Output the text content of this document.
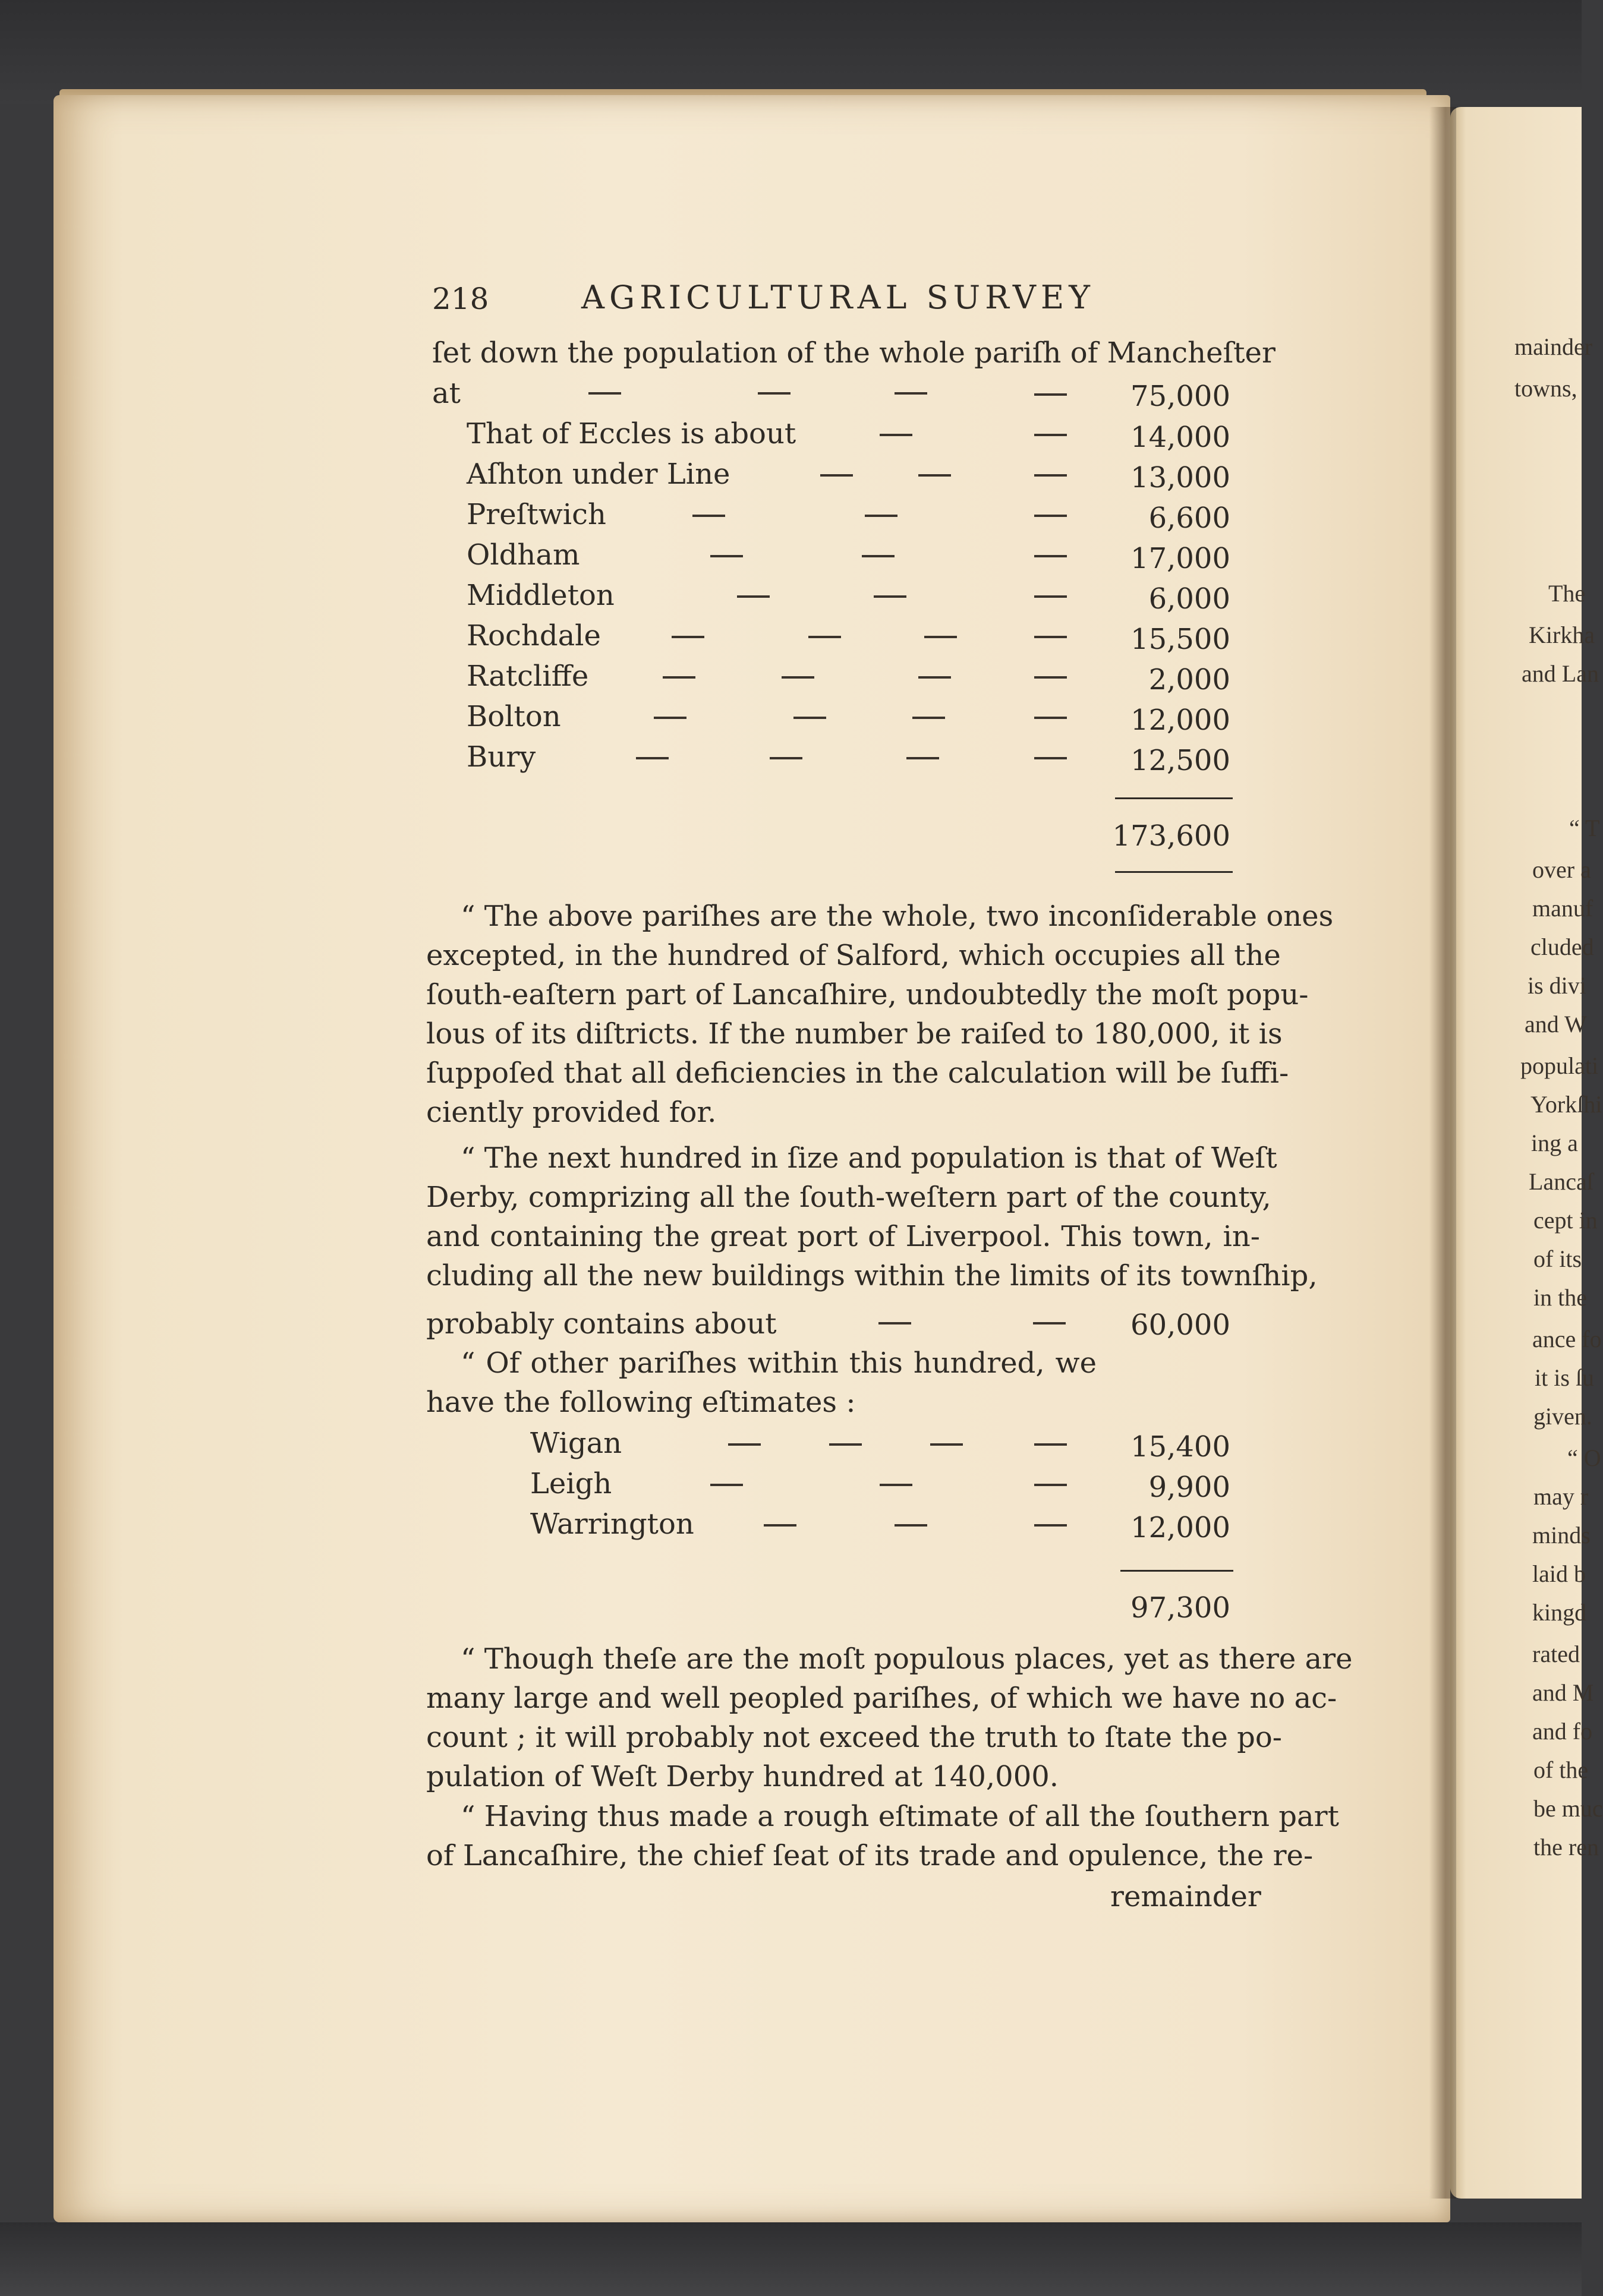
mainder
towns,
The
Kirkha
and Lan
“ T
over a
manuf
cluded
is divi
and W
populati
Yorkſhi
ing a
Lancaſ
cept in
of its
in the
ance fo
it is ſu
given.
“ O
may r
minds
laid b
kingd
rated
and M
and fo
of the
be muc
the ren
218	AGRICULTURAL SURVEY
ſet down the population of the whole pariſh of Mancheſter
at	75,000
That of Eccles is about	14,000
Aſhton under Line	13,000
Preſtwich	6,600
Oldham	17,000
Middleton	6,000
Rochdale	15,500
Ratcliffe	2,000
Bolton	12,000
Bury	12,500
173,600
“ The above pariſhes are the whole, two inconſiderable ones
excepted, in the hundred of Salford, which occupies all the
ſouth-eaſtern part of Lancaſhire, undoubtedly the moſt popu-
lous of its diſtricts. If the number be raiſed to 180,000, it is
ſuppoſed that all deficiencies in the calculation will be ſuffi-
ciently provided for.
“ The next hundred in ſize and population is that of Weſt
Derby, comprizing all the ſouth-weſtern part of the county,
and containing the great port of Liverpool. This town, in-
cluding all the new buildings within the limits of its townſhip,
probably contains about	60,000
“ Of other pariſhes within this hundred, we
have the following eſtimates :
Wigan	15,400
Leigh	9,900
Warrington	12,000
97,300
“ Though theſe are the moſt populous places, yet as there are
many large and well peopled pariſhes, of which we have no ac-
count ; it will probably not exceed the truth to ſtate the po-
pulation of Weſt Derby hundred at 140,000.
“ Having thus made a rough eſtimate of all the ſouthern part
of Lancaſhire, the chief ſeat of its trade and opulence, the re-
remainder
